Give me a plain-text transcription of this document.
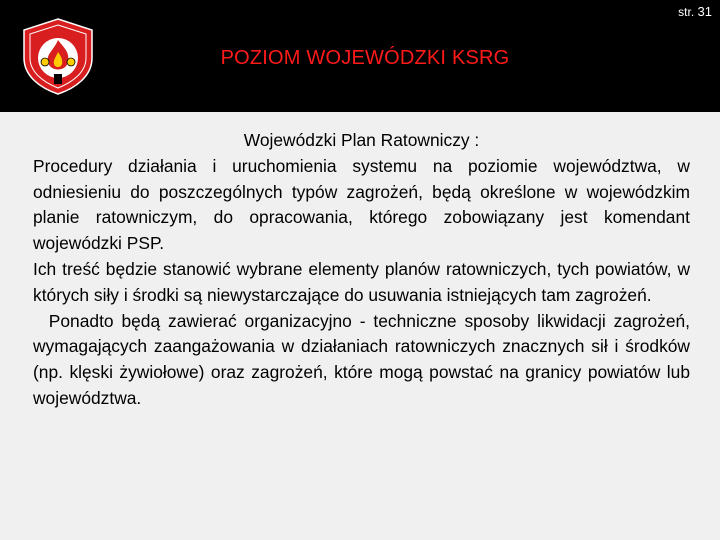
str. 31
POZIOM WOJEWÓDZKI KSRG

Wojewódzki Plan Ratowniczy :

Procedury działania i uruchomienia systemu na poziomie województwa, w odniesieniu do poszczególnych typów zagrożeń, będą określone w wojewódzkim planie ratowniczym, do opracowania, którego zobowiązany jest komendant wojewódzki PSP.

Ich treść będzie stanowić wybrane elementy planów ratowniczych, tych powiatów, w których siły i środki są niewystarczające do usuwania istniejących tam zagrożeń.

Ponadto będą zawierać organizacyjno - techniczne sposoby likwidacji zagrożeń, wymagających zaangażowania w działaniach ratowniczych znacznych sił i środków (np. klęski żywiołowe) oraz zagrożeń, które mogą powstać na granicy powiatów lub województwa.
